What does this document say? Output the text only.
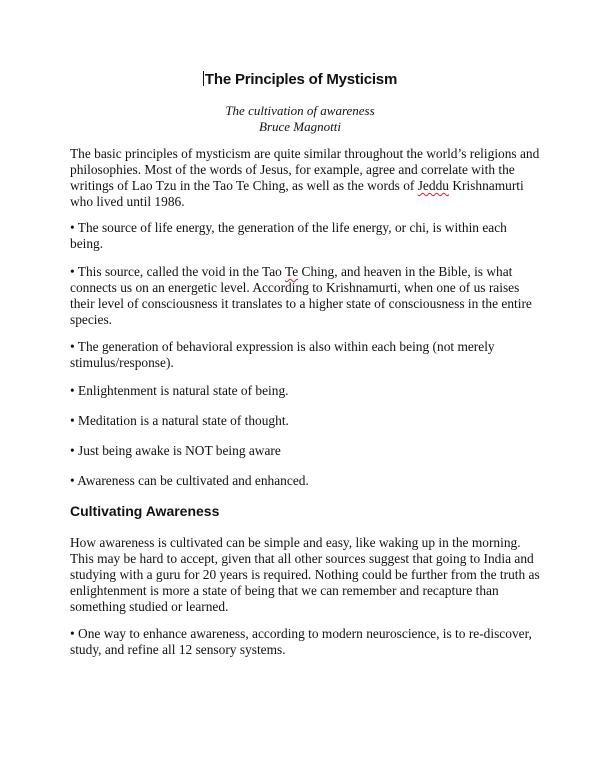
The Principles of Mysticism
The cultivation of awareness
Bruce Magnotti
The basic principles of mysticism are quite similar throughout the world’s religions and philosophies. Most of the words of Jesus, for example, agree and correlate with the writings of Lao Tzu in the Tao Te Ching, as well as the words of Jeddu Krishnamurti who lived until 1986.
• The source of life energy, the generation of the life energy, or chi, is within each being.
• This source, called the void in the Tao Te Ching, and heaven in the Bible, is what connects us on an energetic level. According to Krishnamurti, when one of us raises their level of consciousness it translates to a higher state of consciousness in the entire species.
• The generation of behavioral expression is also within each being (not merely stimulus/response).
• Enlightenment is natural state of being.
• Meditation is a natural state of thought.
• Just being awake is NOT being aware
• Awareness can be cultivated and enhanced.
Cultivating Awareness
How awareness is cultivated can be simple and easy, like waking up in the morning. This may be hard to accept, given that all other sources suggest that going to India and studying with a guru for 20 years is required. Nothing could be further from the truth as enlightenment is more a state of being that we can remember and recapture than something studied or learned.
• One way to enhance awareness, according to modern neuroscience, is to re-discover, study, and refine all 12 sensory systems.
